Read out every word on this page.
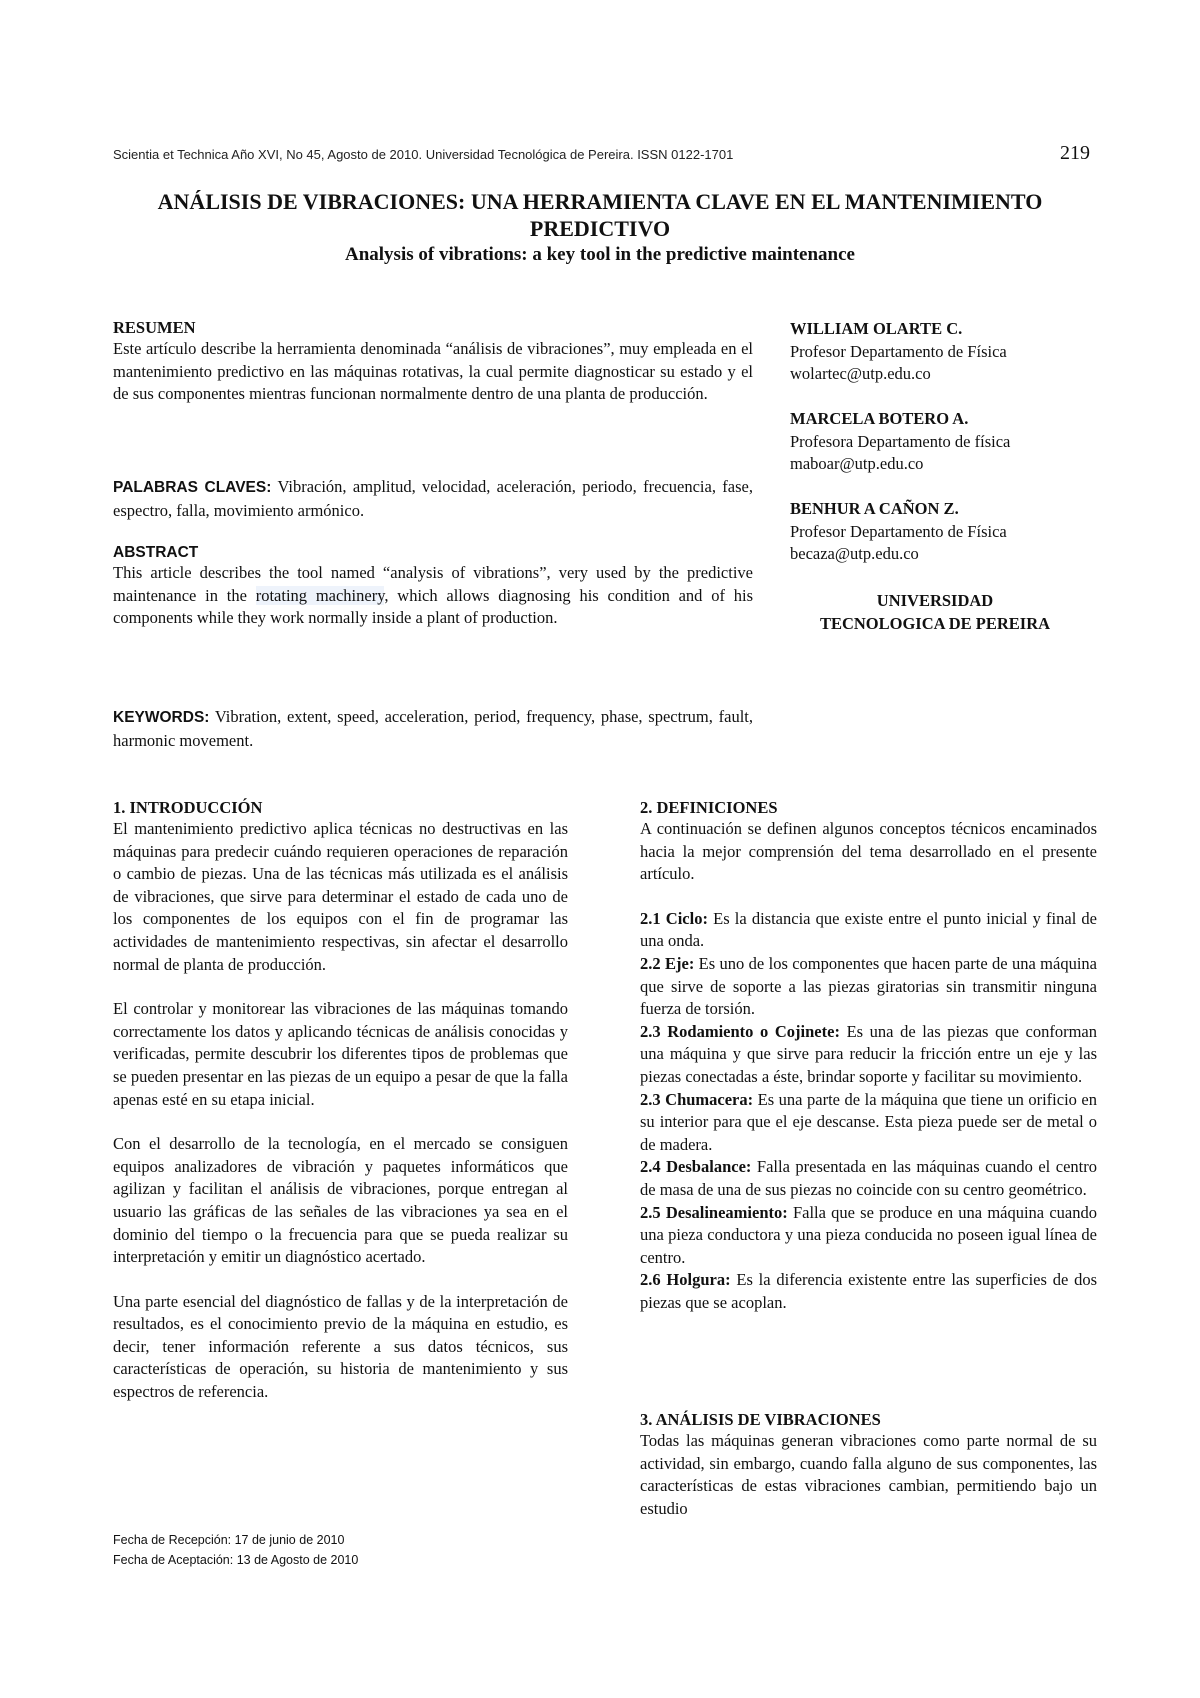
Scientia et Technica Año XVI, No 45, Agosto de 2010. Universidad Tecnológica de Pereira. ISSN 0122-1701	219
ANÁLISIS DE VIBRACIONES: UNA HERRAMIENTA CLAVE EN EL MANTENIMIENTO
PREDICTIVO
Analysis of vibrations: a key tool in the predictive maintenance
RESUMEN
Este artículo describe la herramienta denominada “análisis de vibraciones”, muy empleada en el mantenimiento predictivo en las máquinas rotativas, la cual permite diagnosticar su estado y el de sus componentes mientras funcionan normalmente dentro de una planta de producción.
PALABRAS CLAVES: Vibración, amplitud, velocidad, aceleración, periodo, frecuencia, fase, espectro, falla, movimiento armónico.
ABSTRACT
This article describes the tool named “analysis of vibrations”, very used by the predictive maintenance in the rotating machinery, which allows diagnosing his condition and of his components while they work normally inside a plant of production.
KEYWORDS: Vibration, extent, speed, acceleration, period, frequency, phase, spectrum, fault, harmonic movement.
WILLIAM OLARTE C.
Profesor Departamento de Física
wolartec@utp.edu.co
MARCELA BOTERO A.
Profesora Departamento de física
maboar@utp.edu.co
BENHUR A CAÑON Z.
Profesor Departamento de Física
becaza@utp.edu.co
UNIVERSIDAD
TECNOLOGICA DE PEREIRA
1. INTRODUCCIÓN
El mantenimiento predictivo aplica técnicas no destructivas en las máquinas para predecir cuándo requieren operaciones de reparación o cambio de piezas. Una de las técnicas más utilizada es el análisis de vibraciones, que sirve para determinar el estado de cada uno de los componentes de los equipos con el fin de programar las actividades de mantenimiento respectivas, sin afectar el desarrollo normal de planta de producción.
El controlar y monitorear las vibraciones de las máquinas tomando correctamente los datos y aplicando técnicas de análisis conocidas y verificadas, permite descubrir los diferentes tipos de problemas que se pueden presentar en las piezas de un equipo a pesar de que la falla apenas esté en su etapa inicial.
Con el desarrollo de la tecnología, en el mercado se consiguen equipos analizadores de vibración y paquetes informáticos que agilizan y facilitan el análisis de vibraciones, porque entregan al usuario las gráficas de las señales de las vibraciones ya sea en el dominio del tiempo o la frecuencia para que se pueda realizar su interpretación y emitir un diagnóstico acertado.
Una parte esencial del diagnóstico de fallas y de la interpretación de resultados, es el conocimiento previo de la máquina en estudio, es decir, tener información referente a sus datos técnicos, sus características de operación, su historia de mantenimiento y sus espectros de referencia.
Fecha de Recepción: 17 de junio de 2010
Fecha de Aceptación: 13 de Agosto de 2010
2. DEFINICIONES
A continuación se definen algunos conceptos técnicos encaminados hacia la mejor comprensión del tema desarrollado en el presente artículo.
2.1 Ciclo: Es la distancia que existe entre el punto inicial y final de una onda.
2.2 Eje: Es uno de los componentes que hacen parte de una máquina que sirve de soporte a las piezas giratorias sin transmitir ninguna fuerza de torsión.
2.3 Rodamiento o Cojinete: Es una de las piezas que conforman una máquina y que sirve para reducir la fricción entre un eje y las piezas conectadas a éste, brindar soporte y facilitar su movimiento.
2.3 Chumacera: Es una parte de la máquina que tiene un orificio en su interior para que el eje descanse. Esta pieza puede ser de metal o de madera.
2.4 Desbalance: Falla presentada en las máquinas cuando el centro de masa de una de sus piezas no coincide con su centro geométrico.
2.5 Desalineamiento: Falla que se produce en una máquina cuando una pieza conductora y una pieza conducida no poseen igual línea de centro.
2.6 Holgura: Es la diferencia existente entre las superficies de dos piezas que se acoplan.
3. ANÁLISIS DE VIBRACIONES
Todas las máquinas generan vibraciones como parte normal de su actividad, sin embargo, cuando falla alguno de sus componentes, las características de estas vibraciones cambian, permitiendo bajo un estudio
